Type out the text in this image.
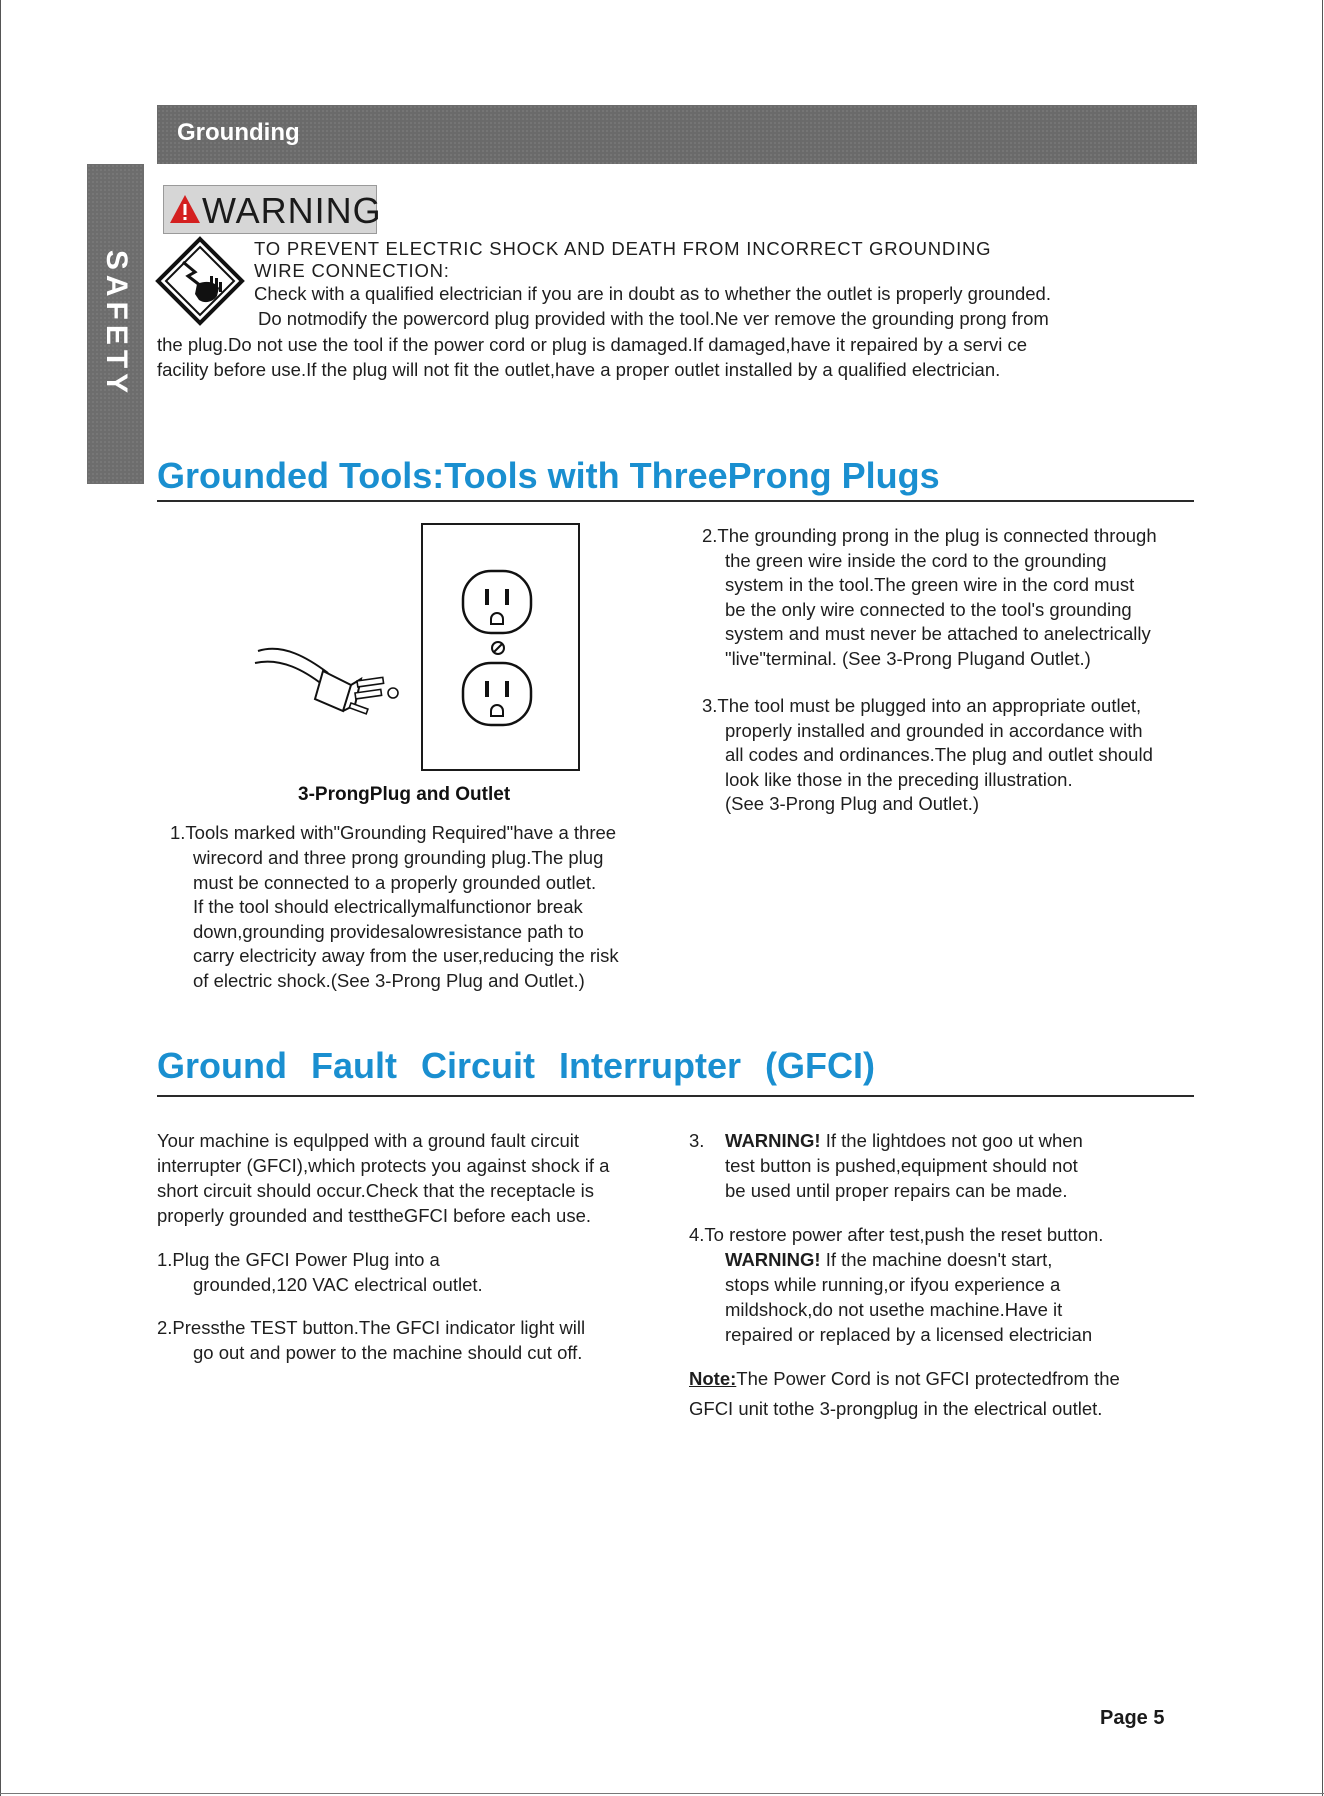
Grounding
SAFETY
WARNING
TO PREVENT ELECTRIC SHOCK AND DEATH FROM INCORRECT GROUNDING
WIRE CONNECTION:
Check with a qualified electrician if you are in doubt as to whether the outlet is properly grounded.
Do notmodify the powercord plug provided with the tool.Ne ver remove the grounding prong from
the plug.Do not use the tool if the power cord or plug is damaged.If damaged,have it repaired by a servi ce
facility before use.If the plug will not fit the outlet,have a proper outlet installed by a qualified electrician.
Grounded Tools:Tools with ThreeProng Plugs
3-ProngPlug and Outlet
1.Tools marked with"Grounding Required"have a three
wirecord and three prong grounding plug.The plug
must be connected to a properly grounded outlet.
If the tool should electricallymalfunctionor break
down,grounding providesalowresistance path to
carry electricity away from the user,reducing the risk
of electric shock.(See 3-Prong Plug and Outlet.)
2.The grounding prong in the plug is connected through
the green wire inside the cord to the grounding
system in the tool.The green wire in the cord must
be the only wire connected to the tool's grounding
system and must never be attached to anelectrically
"live"terminal. (See 3-Prong Plugand Outlet.)
3.The tool must be plugged into an appropriate outlet,
properly installed and grounded in accordance with
all codes and ordinances.The plug and outlet should
look like those in the preceding illustration.
(See 3-Prong Plug and Outlet.)
Ground Fault Circuit Interrupter (GFCI)
Your machine is equlpped with a ground fault circuit
interrupter (GFCI),which protects you against shock if a
short circuit should occur.Check that the receptacle is
properly grounded and testtheGFCI before each use.
1.Plug the GFCI Power Plug into a
grounded,120 VAC electrical outlet.
2.Pressthe TEST button.The GFCI indicator light will
go out and power to the machine should cut off.
3. WARNING! If the lightdoes not goo ut when
test button is pushed,equipment should not
be used until proper repairs can be made.
4.To restore power after test,push the reset button.
WARNING! If the machine doesn't start,
stops while running,or ifyou experience a
mildshock,do not usethe machine.Have it
repaired or replaced by a licensed electrician
Note:The Power Cord is not GFCI protectedfrom the
GFCI unit tothe 3-prongplug in the electrical outlet.
Page 5
